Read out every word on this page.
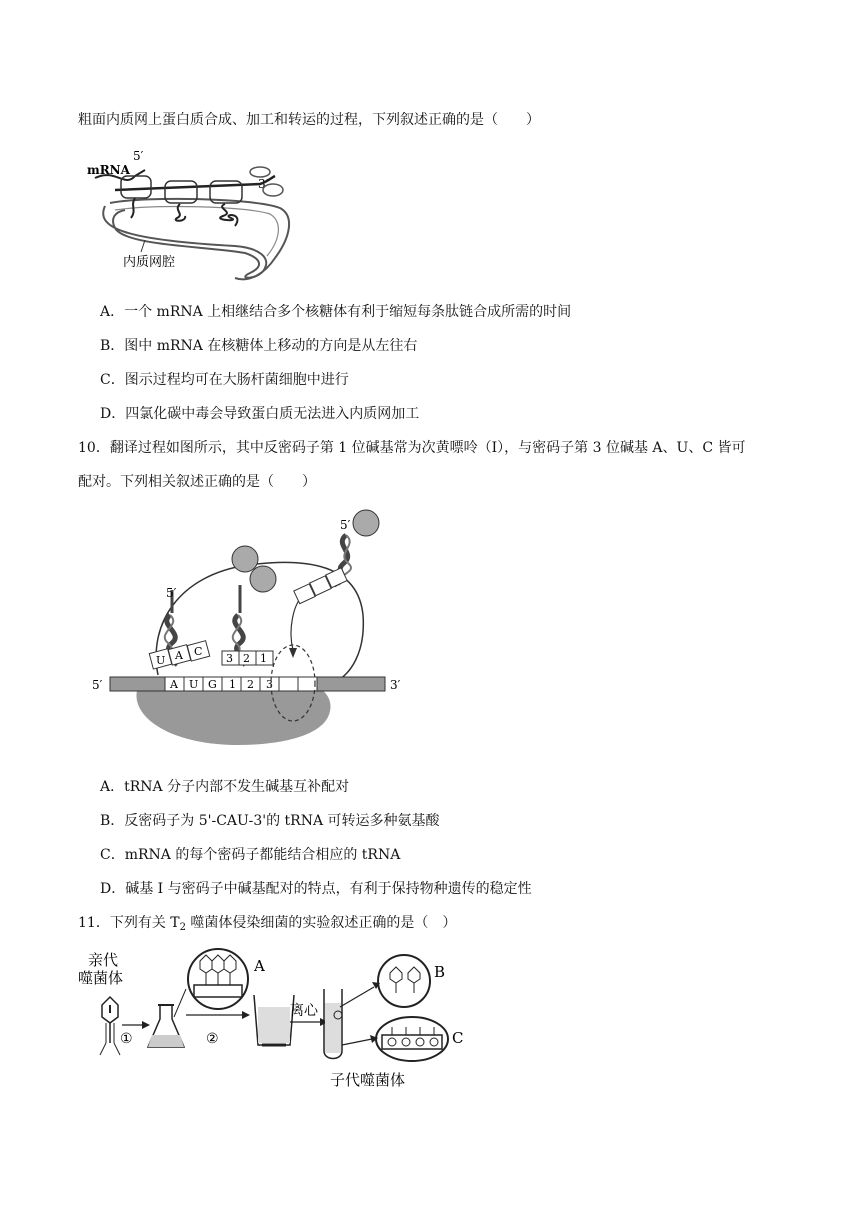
粗面内质网上蛋白质合成、加工和转运的过程，下列叙述正确的是（　　）
mRNA
5′
3′
内质网腔
A．一个 mRNA 上相继结合多个核糖体有利于缩短每条肽链合成所需的时间
B．图中 mRNA 在核糖体上移动的方向是从左往右
C．图示过程均可在大肠杆菌细胞中进行
D．四氯化碳中毒会导致蛋白质无法进入内质网加工
10．翻译过程如图所示，其中反密码子第 1 位碱基常为次黄嘌呤（I），与密码子第 3 位碱基 A、U、C 皆可
配对。下列相关叙述正确的是（　　）
5′	3′
A U G 1 2 3
5′
U A C
3 2 1
5′
A．tRNA 分子内部不发生碱基互补配对
B．反密码子为 5'-CAU-3'的 tRNA 可转运多种氨基酸
C．mRNA 的每个密码子都能结合相应的 tRNA
D．碱基 I 与密码子中碱基配对的特点，有利于保持物种遗传的稳定性
11．下列有关 $T_2$ 噬菌体侵染细菌的实验叙述正确的是（　）
亲代
噬菌体
①
A
②
离心
B
C
子代噬菌体
